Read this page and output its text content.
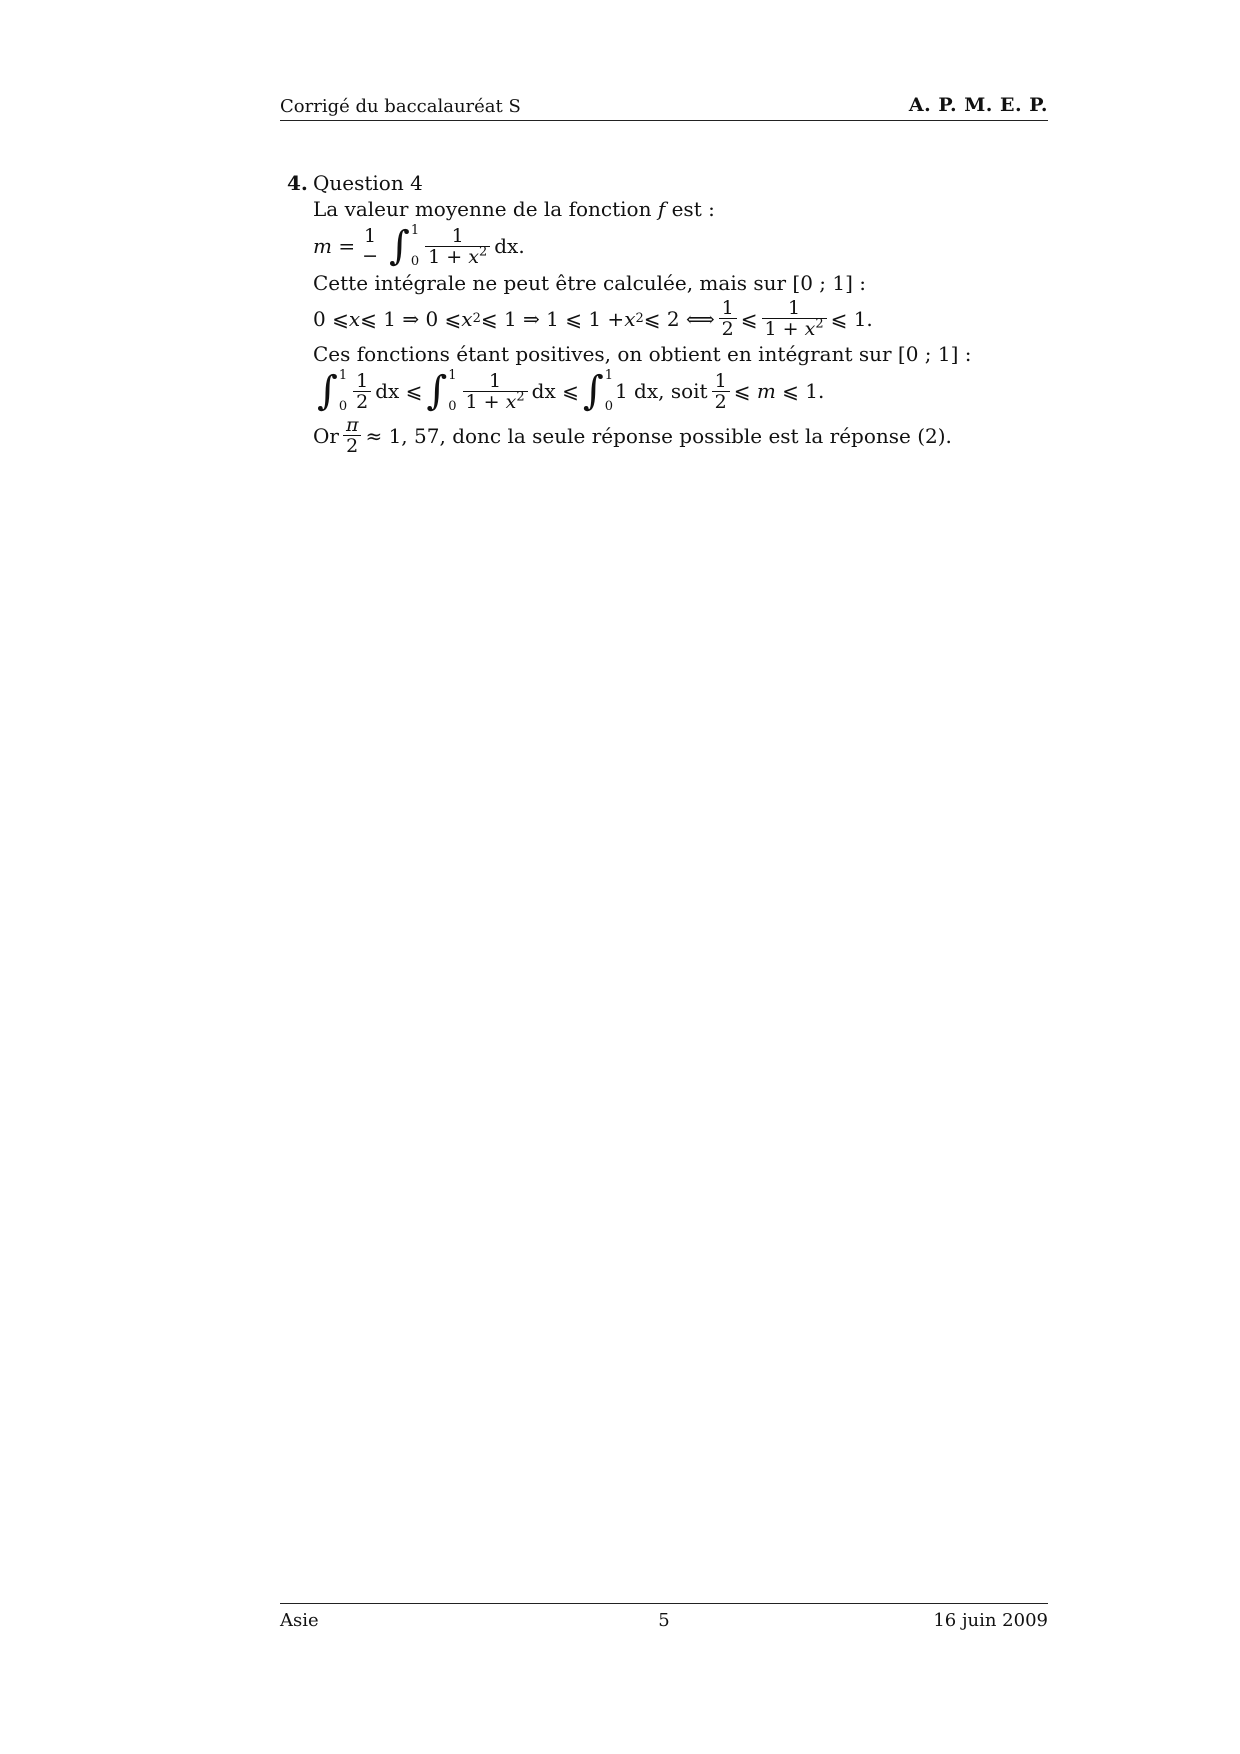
Corrigé du baccalauréat S	A. P. M. E. P.
4. Question 4
La valeur moyenne de la fonction
f
est :
m
= 1
− ∫ 1
$0 \frac{1}{1 + x^2}$ dx.
Cette intégrale ne peut être calculée, mais sur [0 ; 1] :
0 ⩽ x ⩽ 1 ⇒ 0 ⩽ x 2 ⩽ 1 ⇒ 1 ⩽ 1 + x 2 ⩽ 2 ⟺ $\frac{1}{2}$ ⩽ $\frac{1}{1 + x^2}$ ⩽ 1.
Ces fonctions étant positives, on obtient en intégrant sur [0 ; 1] :
∫ 1
$0 \frac{1}{2}$ dx ⩽ ∫ 1
$0 \frac{1}{1 + x^2}$ dx ⩽ ∫ 1
0
1 dx, soit $\frac{1}{2}$ ⩽
m
⩽ 1.
Or $\frac{\pi}{2} \approx 1$, 57, donc la seule réponse possible est la réponse (2).
Asie	5	16 juin 2009
